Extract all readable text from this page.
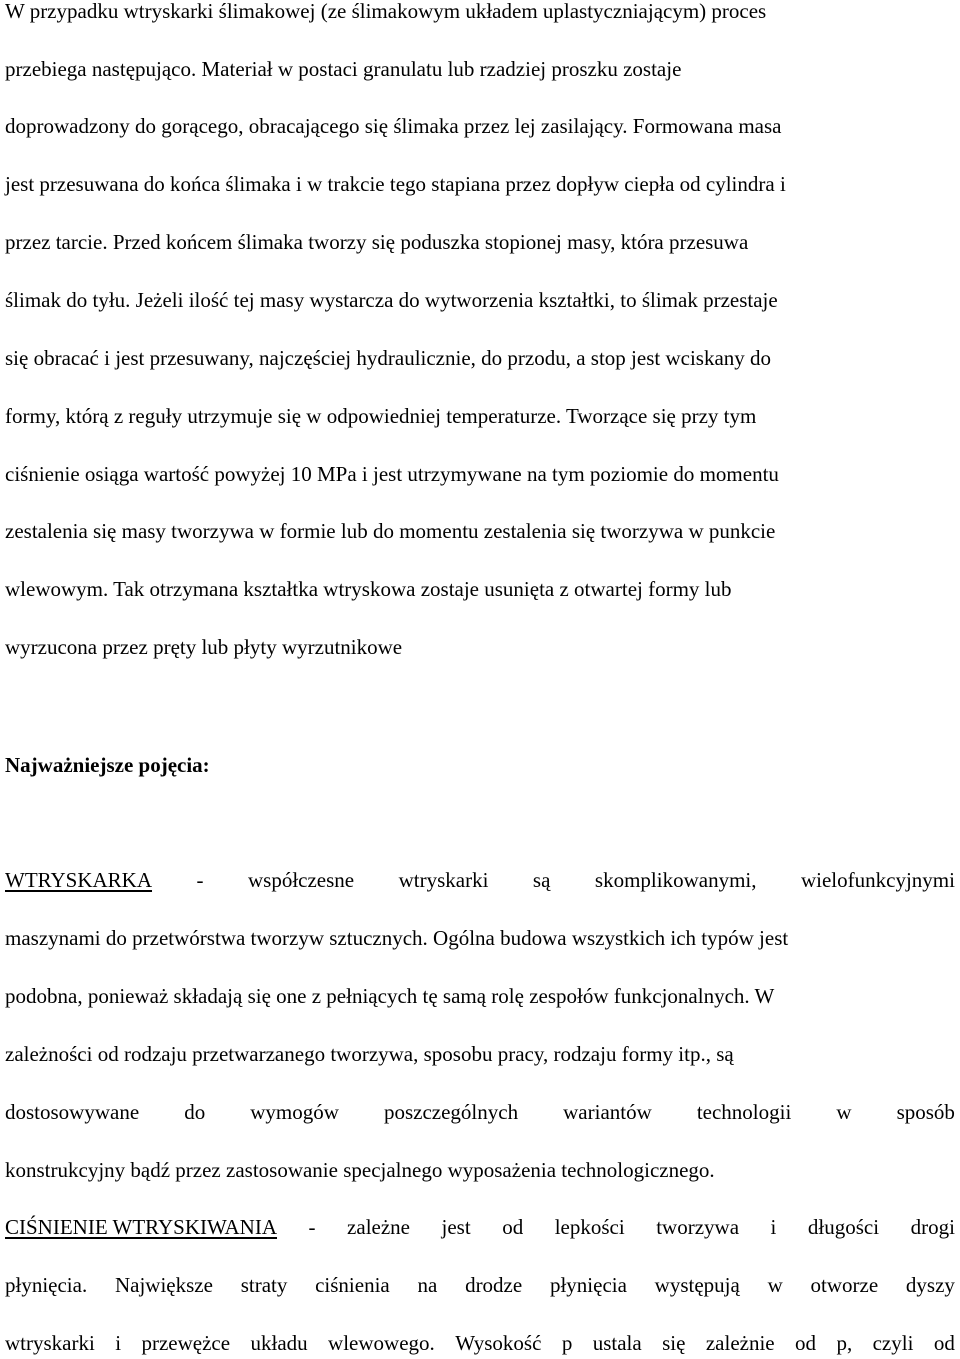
W przypadku wtryskarki ślimakowej (ze ślimakowym układem uplastyczniającym) proces
przebiega następująco. Materiał w postaci granulatu lub rzadziej proszku zostaje
doprowadzony do gorącego, obracającego się ślimaka przez lej zasilający. Formowana masa
jest przesuwana do końca ślimaka i w trakcie tego stapiana przez dopływ ciepła od cylindra i
przez tarcie. Przed końcem ślimaka tworzy się poduszka stopionej masy, która przesuwa
ślimak do tyłu. Jeżeli ilość tej masy wystarcza do wytworzenia kształtki, to ślimak przestaje
się obracać i jest przesuwany, najczęściej hydraulicznie, do przodu, a stop jest wciskany do
formy, którą z reguły utrzymuje się w odpowiedniej temperaturze. Tworzące się przy tym
ciśnienie osiąga wartość powyżej 10 MPa i jest utrzymywane na tym poziomie do momentu
zestalenia się masy tworzywa w formie lub do momentu zestalenia się tworzywa w punkcie
wlewowym. Tak otrzymana kształtka wtryskowa zostaje usunięta z otwartej formy lub
wyrzucona przez pręty lub płyty wyrzutnikowe
Najważniejsze pojęcia:
WTRYSKARKA - współczesne wtryskarki są skomplikowanymi, wielofunkcyjnymi
maszynami do przetwórstwa tworzyw sztucznych. Ogólna budowa wszystkich ich typów jest
podobna, ponieważ składają się one z pełniących tę samą rolę zespołów funkcjonalnych. W
zależności od rodzaju przetwarzanego tworzywa, sposobu pracy, rodzaju formy itp., są
dostosowywane do wymogów poszczególnych wariantów technologii w sposób
konstrukcyjny bądź przez zastosowanie specjalnego wyposażenia technologicznego.
CIŚNIENIE WTRYSKIWANIA - zależne jest od lepkości tworzywa i długości drogi
płynięcia. Największe straty ciśnienia na drodze płynięcia występują w otworze dyszy
wtryskarki i przewężce układu wlewowego. Wysokość p ustala się zależnie od p, czyli od
